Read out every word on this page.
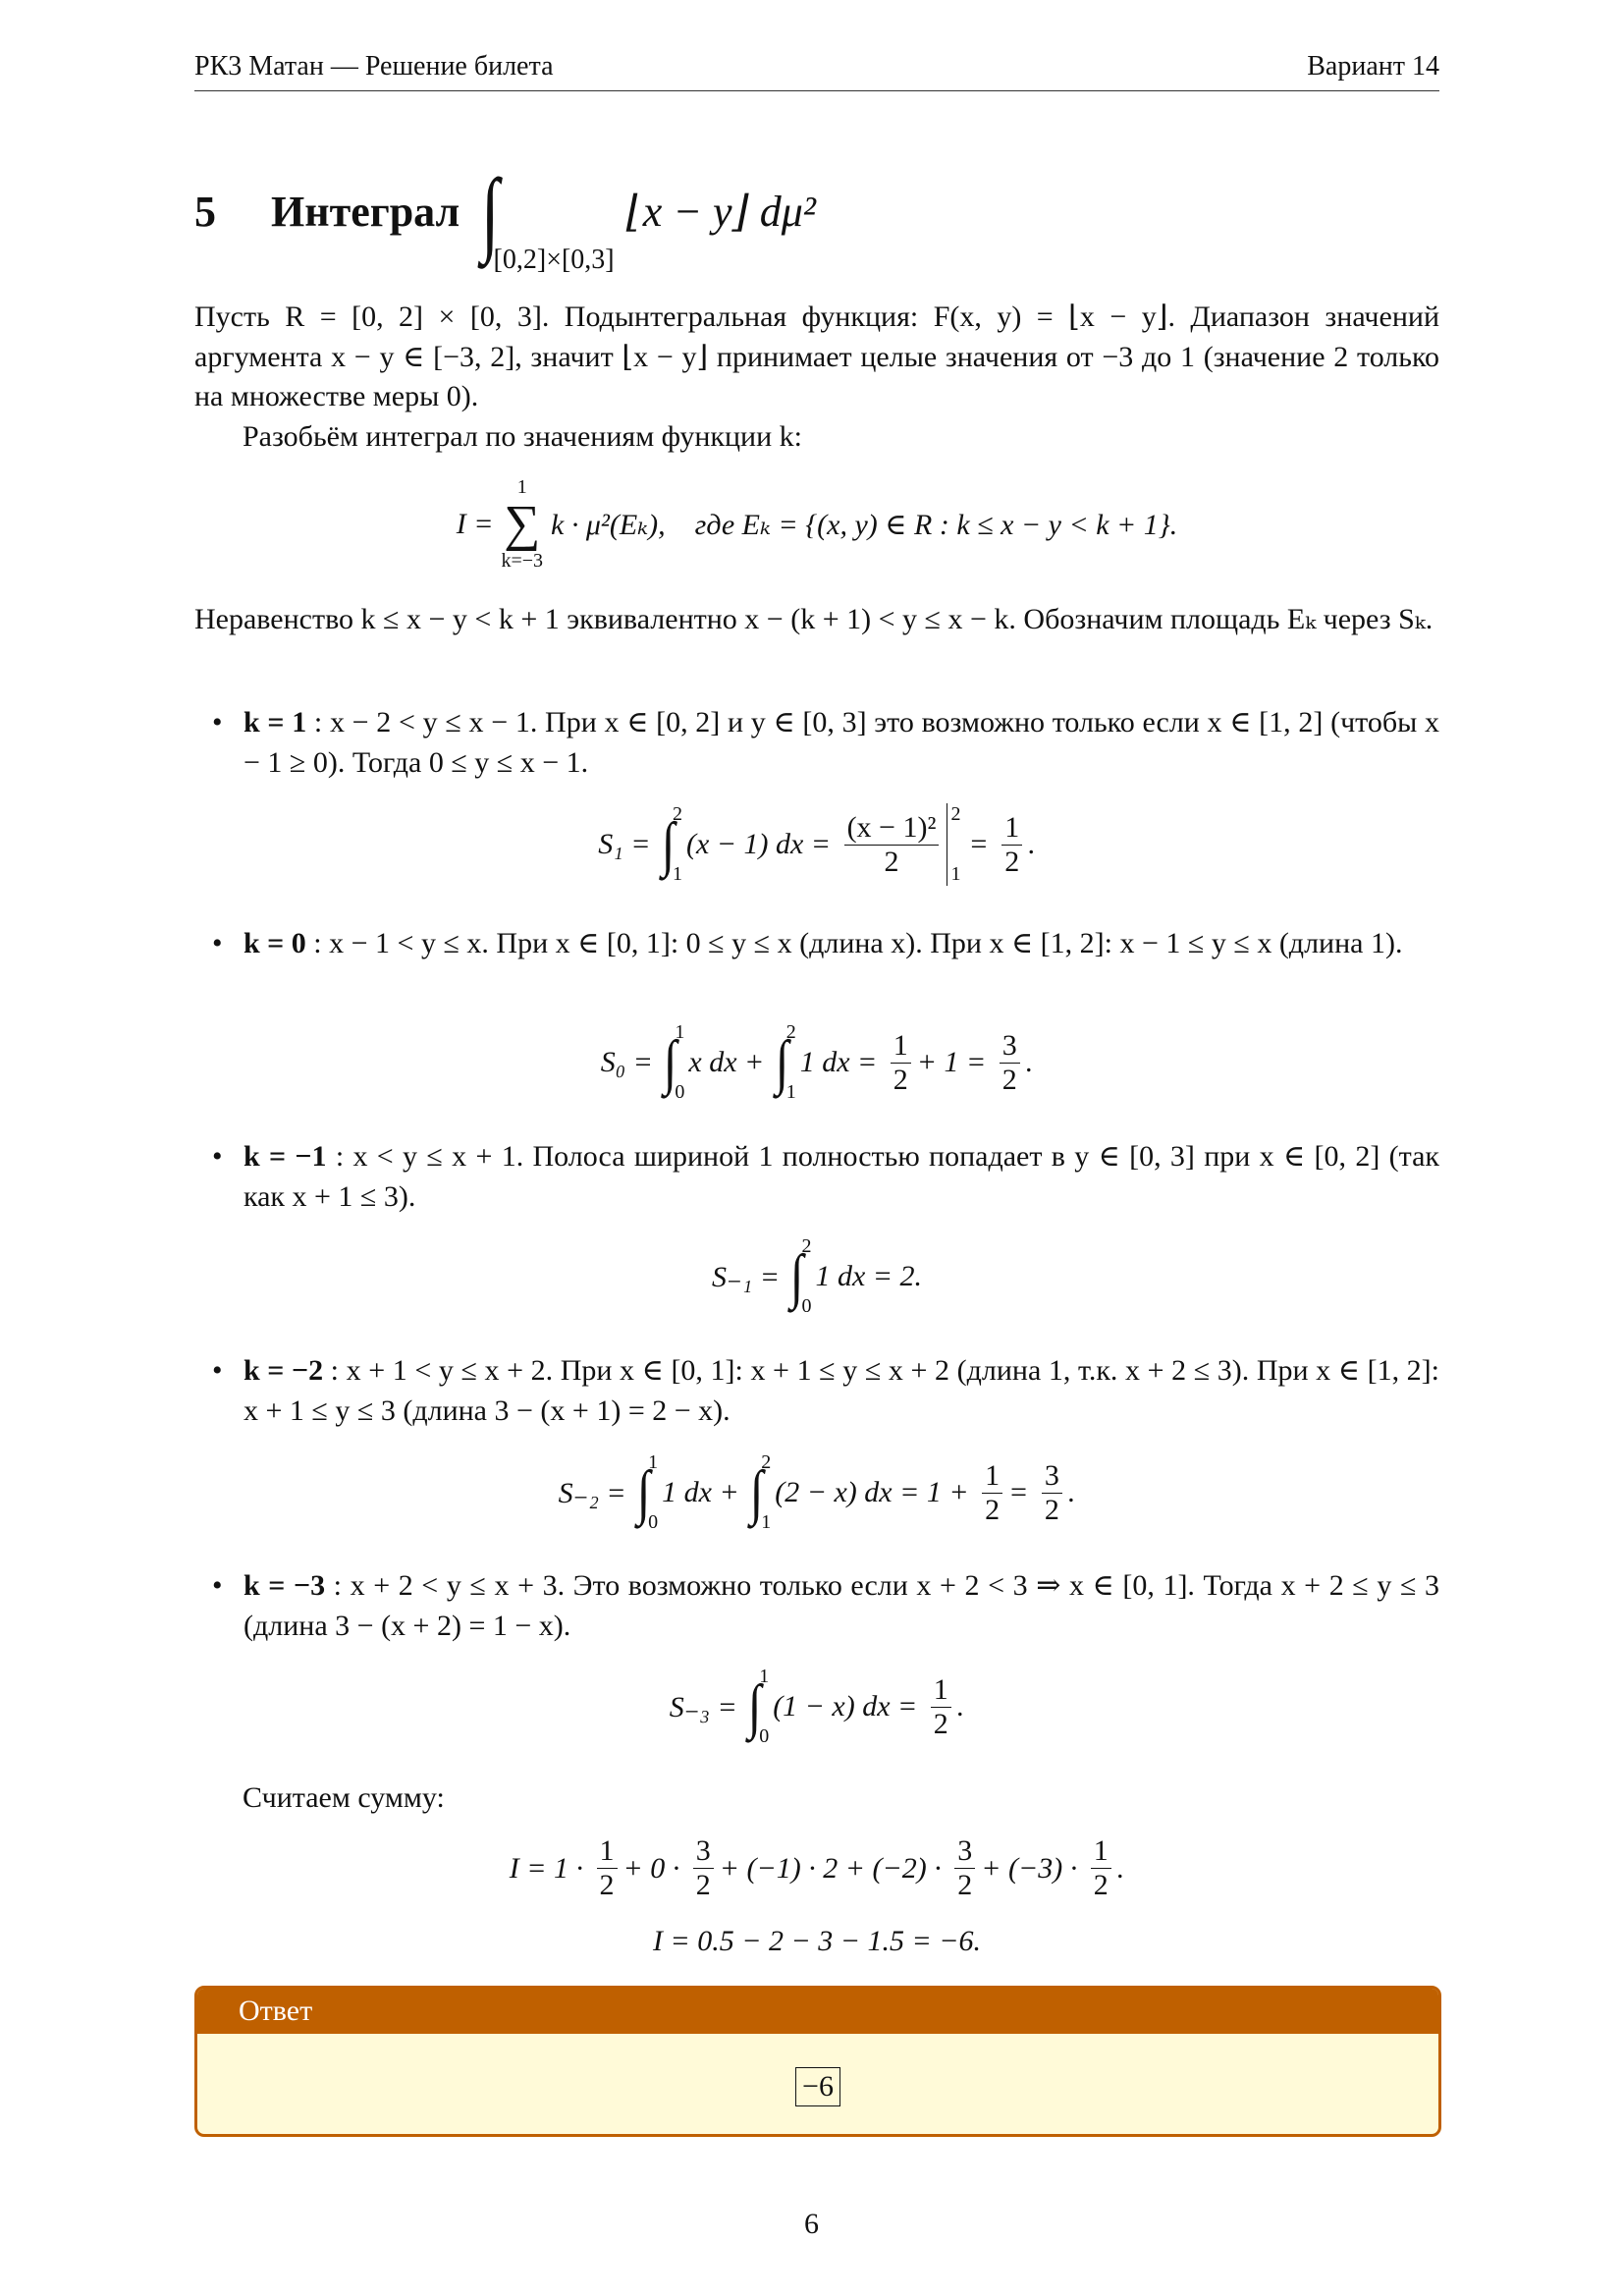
РК3 Матан — Решение билета	Вариант 14
5	Интеграл ∫
[0,2]×[0,3]
⌊x − y⌋ dμ²
Пусть R = [0, 2] × [0, 3]. Подынтегральная функция: F(x, y) = ⌊x − y⌋. Диапазон значений аргумента x − y ∈ [−3, 2], значит ⌊x − y⌋ принимает целые значения от −3 до 1 (значение 2 только на множестве меры 0).
Разобьём интеграл по значениям функции k:
I =
1
∑
k=−3
k · μ²(Eₖ),    где Eₖ = {(x, y) ∈ R : k ≤ x − y < k + 1}.
Неравенство k ≤ x − y < k + 1 эквивалентно x − (k + 1) < y ≤ x − k. Обозначим площадь Eₖ через Sₖ.
• k = 1 : x − 2 < y ≤ x − 1. При x ∈ [0, 2] и y ∈ [0, 3] это возможно только если x ∈ [1, 2] (чтобы x − 1 ≥ 0). Тогда 0 ≤ y ≤ x − 1.
S₁ = ∫
2
1
(x − 1) dx = $\frac{\text{(x − 1)²}}{2} 2$
1
= $\frac{1}{2}$ .
• k = 0 : x − 1 < y ≤ x. При x ∈ [0, 1]: 0 ≤ y ≤ x (длина x). При x ∈ [1, 2]: x − 1 ≤ y ≤ x (длина 1).
S₀ = ∫
1
0
x dx + ∫
2
1
1 dx = $\frac{1}{2} + 1 = \frac{3}{2}$ .
• k = −1 : x < y ≤ x + 1. Полоса шириной 1 полностью попадает в y ∈ [0, 3] при x ∈ [0, 2] (так как x + 1 ≤ 3).
S₋₁ = ∫
2
0
1 dx = 2.
• k = −2 : x + 1 < y ≤ x + 2. При x ∈ [0, 1]: x + 1 ≤ y ≤ x + 2 (длина 1, т.к. x + 2 ≤ 3). При x ∈ [1, 2]: x + 1 ≤ y ≤ 3 (длина 3 − (x + 1) = 2 − x).
S₋₂ = ∫
1
0
1 dx + ∫
2
1
(2 − x) dx = $1 + \frac{1}{2} = \frac{3}{2}$ .
• k = −3 : x + 2 < y ≤ x + 3. Это возможно только если x + 2 < 3 ⇒ x ∈ [0, 1]. Тогда x + 2 ≤ y ≤ 3 (длина 3 − (x + 2) = 1 − x).
S₋₃ = ∫
1
0
(1 − x) dx = $\frac{1}{2}$ .
Считаем сумму:
$I = 1 \cdot \frac{1}{2} + 0 \cdot \frac{3}{2} + (-1) \cdot 2 + (-2) \cdot \frac{3}{2} + (-3) \cdot \frac{1}{2}$ .
I = 0.5 − 2 − 3 − 1.5 = −6.
Ответ
−6
6
